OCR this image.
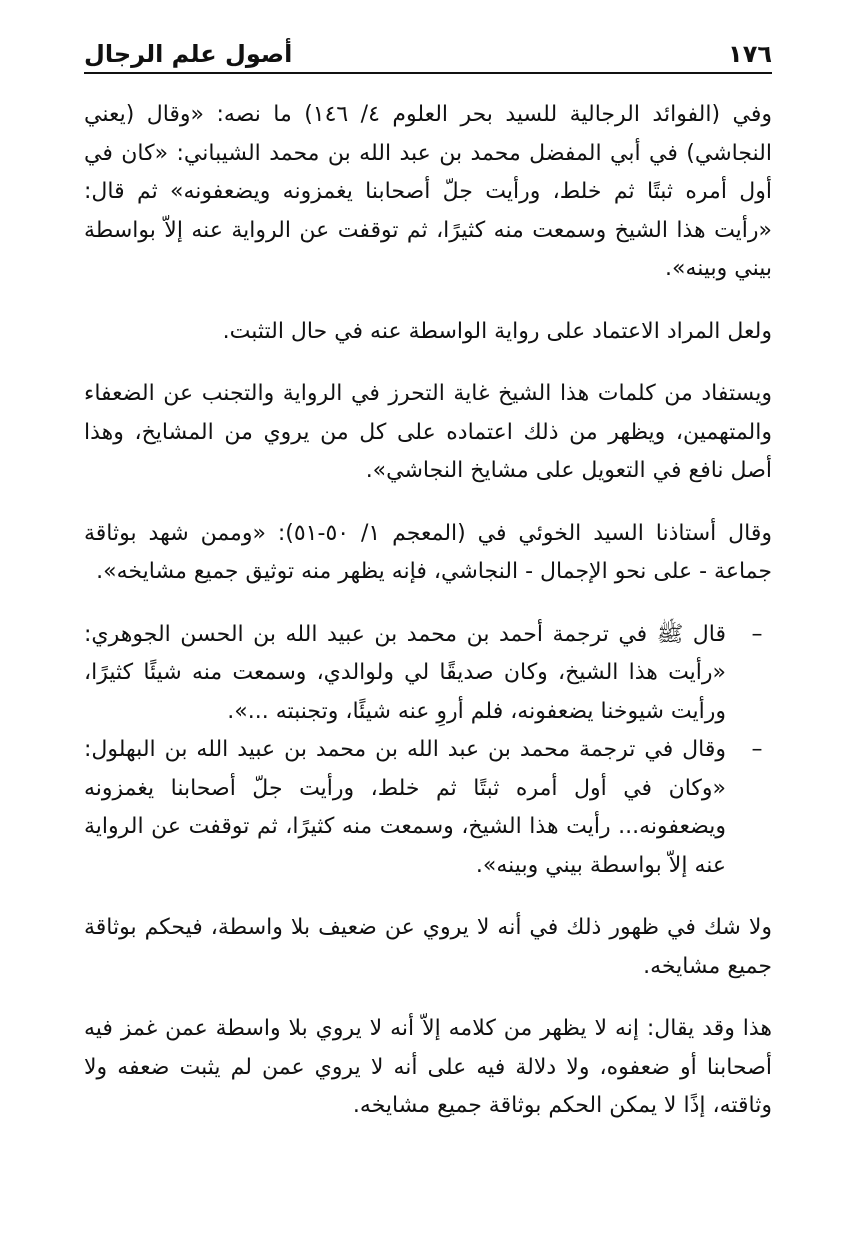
١٧٦
أصول علم الرجال

وفي (الفوائد الرجالية للسيد بحر العلوم ٤/ ١٤٦) ما نصه: «وقال (يعني النجاشي) في أبي المفضل محمد بن عبد الله بن محمد الشيباني: «كان في أول أمره ثبتًا ثم خلط، ورأيت جلّ أصحابنا يغمزونه ويضعفونه» ثم قال: «رأيت هذا الشيخ وسمعت منه كثيرًا، ثم توقفت عن الرواية عنه إلاّ بواسطة بيني وبينه».

ولعل المراد الاعتماد على رواية الواسطة عنه في حال التثبت.

ويستفاد من كلمات هذا الشيخ غاية التحرز في الرواية والتجنب عن الضعفاء والمتهمين، ويظهر من ذلك اعتماده على كل من يروي من المشايخ، وهذا أصل نافع في التعويل على مشايخ النجاشي».

وقال أستاذنا السيد الخوئي في (المعجم ١/ ٥٠-٥١): «وممن شهد بوثاقة جماعة - على نحو الإجمال - النجاشي، فإنه يظهر منه توثيق جميع مشايخه».

–
قال ﷺ في ترجمة أحمد بن محمد بن عبيد الله بن الحسن الجوهري: «رأيت هذا الشيخ، وكان صديقًا لي ولوالدي، وسمعت منه شيئًا كثيرًا، ورأيت شيوخنا يضعفونه، فلم أروِ عنه شيئًا، وتجنبته ...».
–
وقال في ترجمة محمد بن عبد الله بن محمد بن عبيد الله بن البهلول: «وكان في أول أمره ثبتًا ثم خلط، ورأيت جلّ أصحابنا يغمزونه ويضعفونه... رأيت هذا الشيخ، وسمعت منه كثيرًا، ثم توقفت عن الرواية عنه إلاّ بواسطة بيني وبينه».

ولا شك في ظهور ذلك في أنه لا يروي عن ضعيف بلا واسطة، فيحكم بوثاقة جميع مشايخه.

هذا وقد يقال: إنه لا يظهر من كلامه إلاّ أنه لا يروي بلا واسطة عمن غمز فيه أصحابنا أو ضعفوه، ولا دلالة فيه على أنه لا يروي عمن لم يثبت ضعفه ولا وثاقته، إذًا لا يمكن الحكم بوثاقة جميع مشايخه.
